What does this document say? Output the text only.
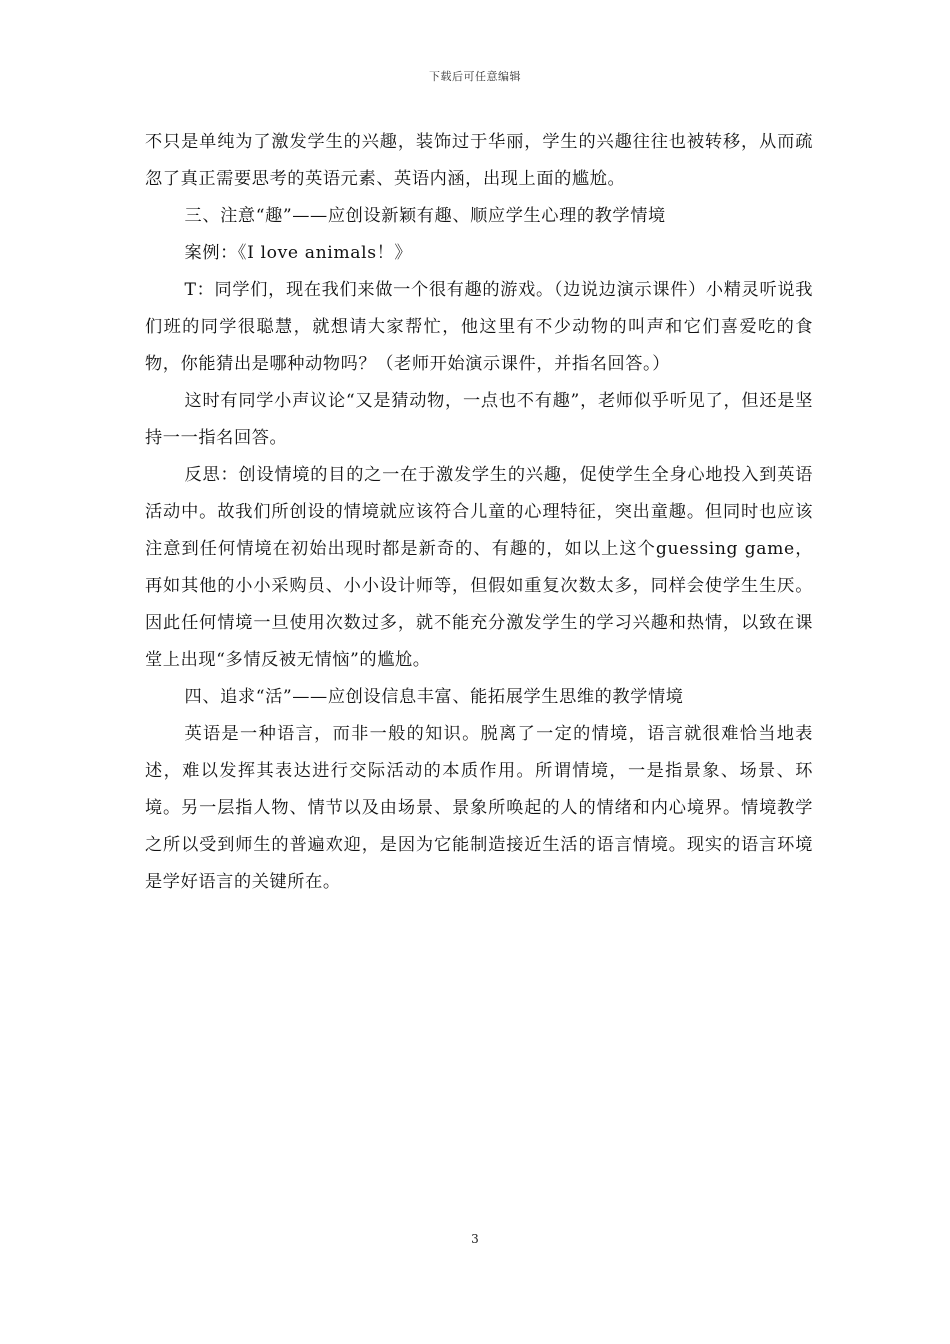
下载后可任意编辑

不只是单纯为了激发学生的兴趣，装饰过于华丽，学生的兴趣往往也被转移，从而疏忽了真正需要思考的英语元素、英语内涵，出现上面的尴尬。

三、注意“趣”——应创设新颖有趣、顺应学生心理的教学情境

案例：《I love animals！》

T：同学们，现在我们来做一个很有趣的游戏。（边说边演示课件）小精灵听说我们班的同学很聪慧，就想请大家帮忙，他这里有不少动物的叫声和它们喜爱吃的食物，你能猜出是哪种动物吗？（老师开始演示课件，并指名回答。）

这时有同学小声议论“又是猜动物，一点也不有趣”，老师似乎听见了，但还是坚持一一指名回答。

反思：创设情境的目的之一在于激发学生的兴趣，促使学生全身心地投入到英语活动中。故我们所创设的情境就应该符合儿童的心理特征，突出童趣。但同时也应该注意到任何情境在初始出现时都是新奇的、有趣的，如以上这个guessing game，再如其他的小小采购员、小小设计师等，但假如重复次数太多，同样会使学生生厌。因此任何情境一旦使用次数过多，就不能充分激发学生的学习兴趣和热情，以致在课堂上出现“多情反被无情恼”的尴尬。

四、追求“活”——应创设信息丰富、能拓展学生思维的教学情境

英语是一种语言，而非一般的知识。脱离了一定的情境，语言就很难恰当地表述，难以发挥其表达进行交际活动的本质作用。所谓情境，一是指景象、场景、环境。另一层指人物、情节以及由场景、景象所唤起的人的情绪和内心境界。情境教学之所以受到师生的普遍欢迎，是因为它能制造接近生活的语言情境。现实的语言环境是学好语言的关键所在。

3
